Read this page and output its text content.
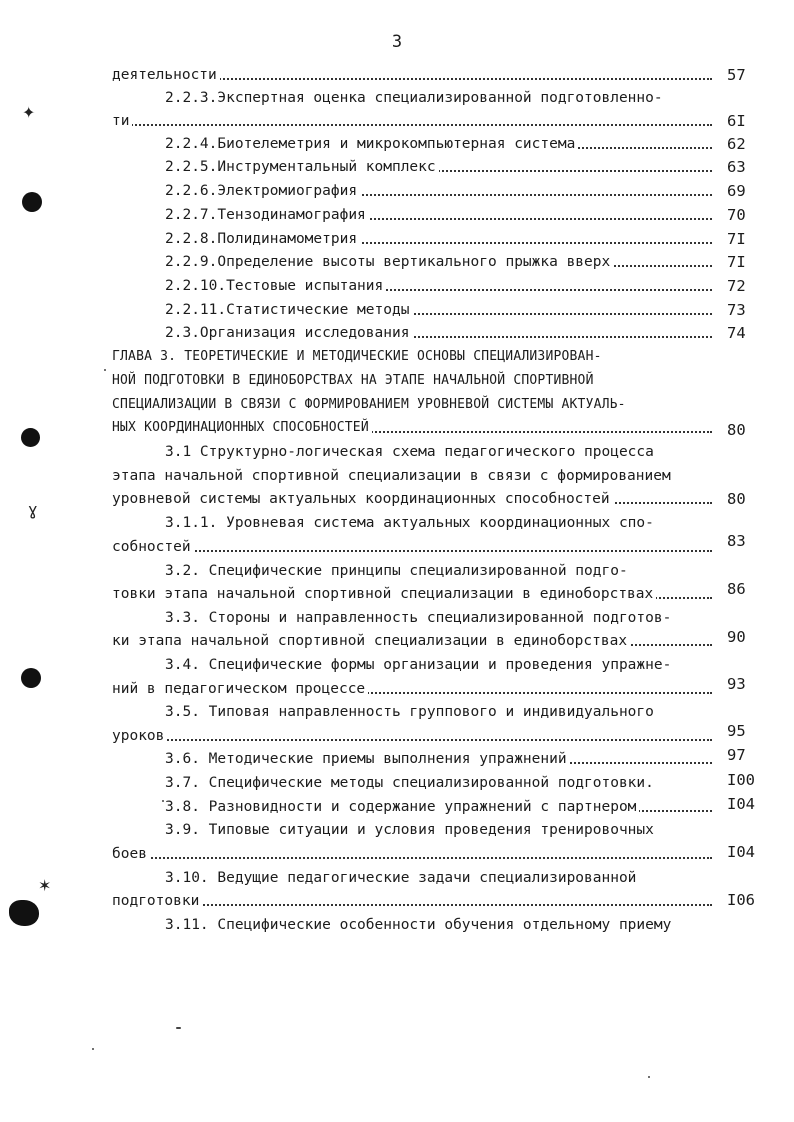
3
деятельности	57
2.2.3.Экспертная оценка специализированной подготовленно-
ти	6I
2.2.4.Биотелеметрия и микрокомпьютерная система	62
2.2.5.Инструментальный комплекс	63
2.2.6.Электромиография	69
2.2.7.Тензодинамография	70
2.2.8.Полидинамометрия	7I
2.2.9.Определение высоты вертикального прыжка вверх	7I
2.2.10.Тестовые испытания	72
2.2.11.Статистические методы	73
2.3.Организация исследования	74
ГЛАВА 3. ТЕОРЕТИЧЕСКИЕ И МЕТОДИЧЕСКИЕ ОСНОВЫ СПЕЦИАЛИЗИРОВАН-
НОЙ ПОДГОТОВКИ В ЕДИНОБОРСТВАХ НА ЭТАПЕ НАЧАЛЬНОЙ СПОРТИВНОЙ
СПЕЦИАЛИЗАЦИИ В СВЯЗИ С ФОРМИРОВАНИЕМ УРОВНЕВОЙ СИСТЕМЫ АКТУАЛЬ-
НЫХ КООРДИНАЦИОННЫХ СПОСОБНОСТЕЙ	80
3.1 Структурно-логическая схема педагогического процесса
этапа начальной спортивной специализации в связи с формированием
уровневой системы актуальных координационных способностей	80
3.1.1. Уровневая система актуальных координационных спо-
собностей	83
3.2. Специфические принципы специализированной подго-
товки этапа начальной спортивной специализации в единоборствах	86
3.3. Стороны и направленность специализированной подготов-
ки этапа начальной спортивной специализации в единоборствах	90
3.4. Специфические формы организации и проведения упражне-
ний в педагогическом процессе	93
3.5. Типовая направленность группового и индивидуального
уроков	95
3.6. Методические приемы выполнения упражнений	97
3.7. Специфические методы специализированной подготовки.	I00
3.8. Разновидности и содержание упражнений с партнером	I04
3.9. Типовые ситуации и условия проведения тренировочных
боев	I04
3.10. Ведущие педагогические задачи специализированной
подготовки	I06
3.11. Специфические особенности обучения отдельному приему
✦
ɣ
✶
